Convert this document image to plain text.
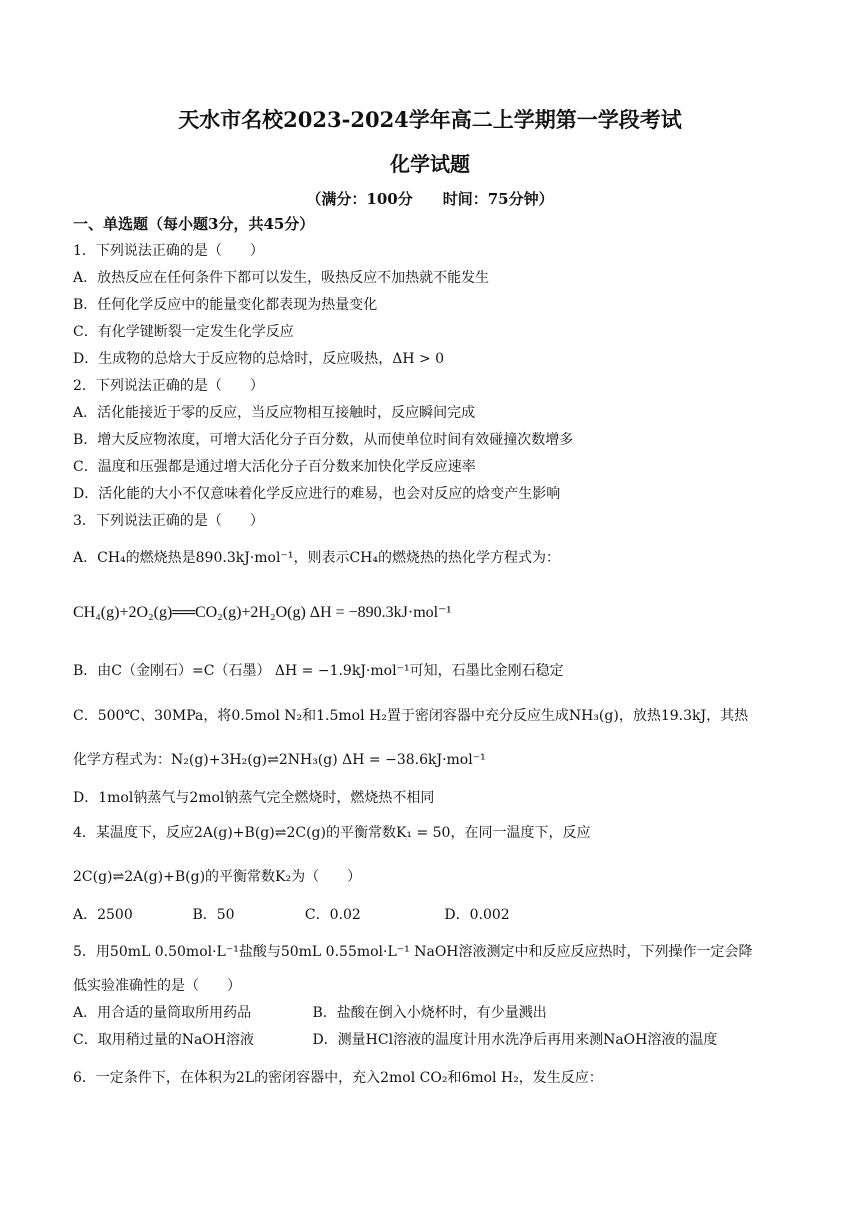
天水市名校2023-2024学年高二上学期第一学段考试
化学试题
（满分：100分　　时间：75分钟）
一、单选题（每小题3分，共45分）
1．下列说法正确的是（　　）
A．放热反应在任何条件下都可以发生，吸热反应不加热就不能发生
B．任何化学反应中的能量变化都表现为热量变化
C．有化学键断裂一定发生化学反应
D．生成物的总焓大于反应物的总焓时，反应吸热，ΔH > 0
2．下列说法正确的是（　　）
A．活化能接近于零的反应，当反应物相互接触时，反应瞬间完成
B．增大反应物浓度，可增大活化分子百分数，从而使单位时间有效碰撞次数增多
C．温度和压强都是通过增大活化分子百分数来加快化学反应速率
D．活化能的大小不仅意味着化学反应进行的难易，也会对反应的焓变产生影响
3．下列说法正确的是（　　）
A．CH₄的燃烧热是890.3kJ·mol⁻¹，则表示CH₄的燃烧热的热化学方程式为：
CH₄(g)+2O₂(g)══CO₂(g)+2H₂O(g) ΔH = −890.3kJ·mol⁻¹
B．由C（金刚石）=C（石墨） ΔH = −1.9kJ·mol⁻¹可知，石墨比金刚石稳定
C．500℃、30MPa，将0.5mol N₂和1.5mol H₂置于密闭容器中充分反应生成NH₃(g)，放热19.3kJ，其热
化学方程式为：N₂(g)+3H₂(g)⇌2NH₃(g) ΔH = −38.6kJ·mol⁻¹
D．1mol钠蒸气与2mol钠蒸气完全燃烧时，燃烧热不相同
4．某温度下，反应2A(g)+B(g)⇌2C(g)的平衡常数K₁ = 50，在同一温度下，反应
2C(g)⇌2A(g)+B(g)的平衡常数K₂为（　　）
A．2500	B．50	C．0.02	D．0.002
5．用50mL 0.50mol·L⁻¹盐酸与50mL 0.55mol·L⁻¹ NaOH溶液测定中和反应反应热时，下列操作一定会降
低实验准确性的是（　　）
A．用合适的量筒取所用药品	B．盐酸在倒入小烧杯时，有少量溅出
C．取用稍过量的NaOH溶液	D．测量HCl溶液的温度计用水洗净后再用来测NaOH溶液的温度
6．一定条件下，在体积为2L的密闭容器中，充入2mol CO₂和6mol H₂，发生反应：
